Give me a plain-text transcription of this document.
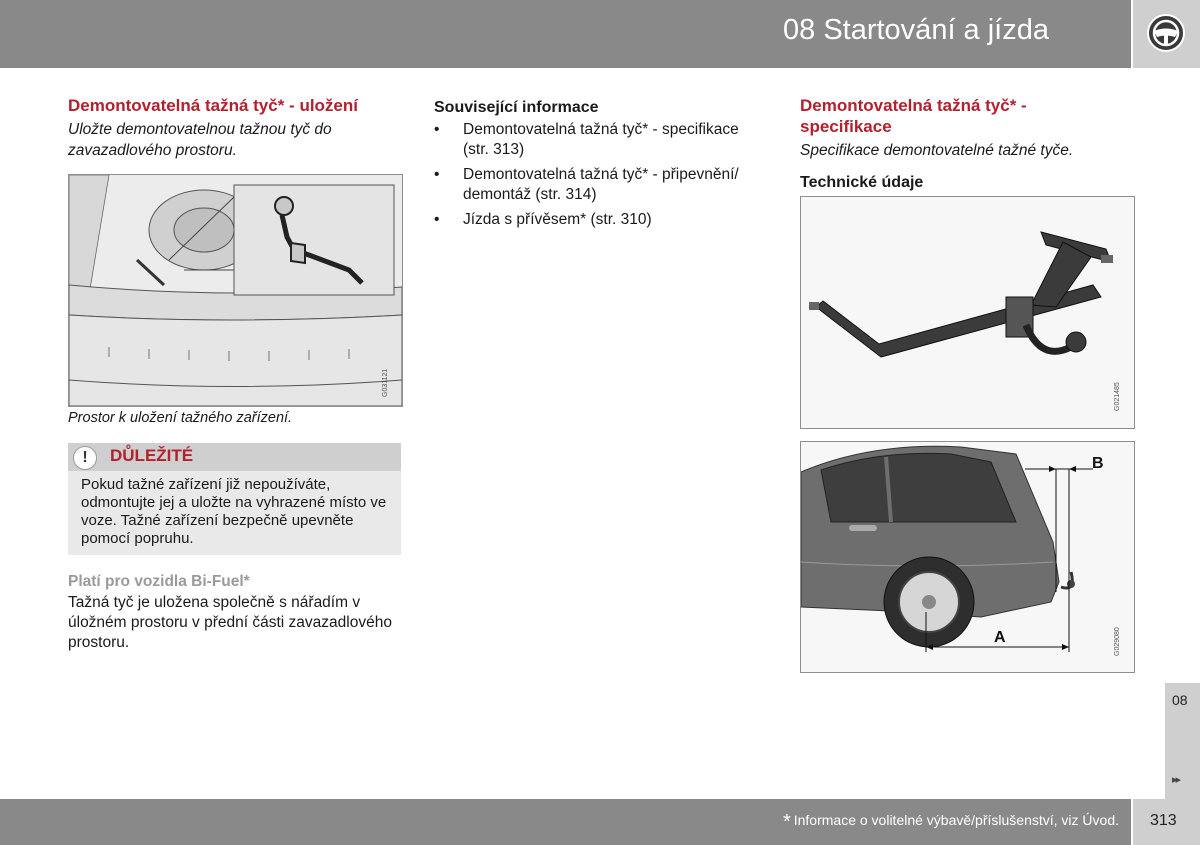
08 Startování a jízda
Demontovatelná tažná tyč* - uložení

Uložte demontovatelnou tažnou tyč do zavazadlového prostoru.

G031121
Prostor k uložení tažného zařízení.
!	DŮLEŽITÉ
Pokud tažné zařízení již nepoužíváte, odmontujte jej a uložte na vyhrazené místo ve voze. Tažné zařízení bezpečně upevněte pomocí popruhu.
Platí pro vozidla Bi-Fuel*
Tažná tyč je uložena společně s nářadím v úložném prostoru v přední části zavazadlového prostoru.
Související informace
• Demontovatelná tažná tyč* - specifikace (str. 313)
• Demontovatelná tažná tyč* - připevnění/ demontáž (str. 314)
• Jízda s přívěsem* (str. 310)
Demontovatelná tažná tyč* - specifikace

Specifikace demontovatelné tažné tyče.

Technické údaje
G021485
B
A	G029080
08
▸▸
* Informace o volitelné výbavě/příslušenství, viz Úvod. 313
